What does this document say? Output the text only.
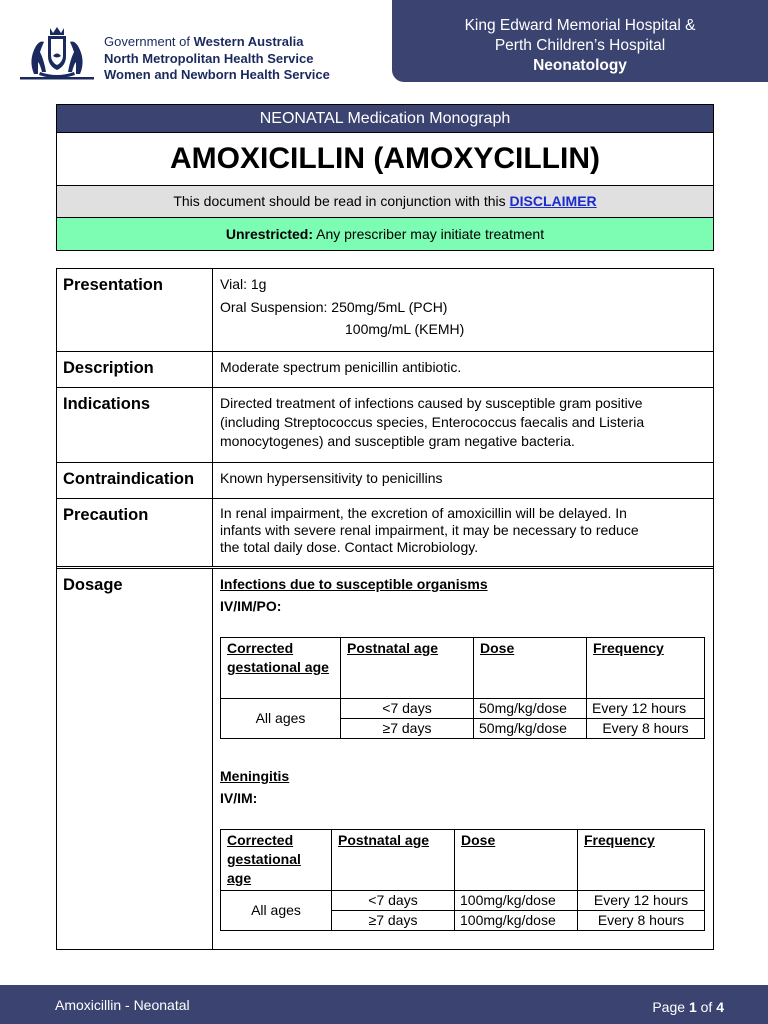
Government of Western Australia
North Metropolitan Health Service
Women and Newborn Health Service
King Edward Memorial Hospital &
Perth Children’s Hospital
Neonatology
NEONATAL Medication Monograph
AMOXICILLIN (AMOXYCILLIN)
This document should be read in conjunction with this DISCLAIMER
Unrestricted: Any prescriber may initiate treatment
Presentation	Vial: 1g
Oral Suspension: 250mg/5mL (PCH)
100mg/mL (KEMH)
Description	Moderate spectrum penicillin antibiotic.
Indications	Directed treatment of infections caused by susceptible gram positive
(including Streptococcus species, Enterococcus faecalis and Listeria
monocytogenes) and susceptible gram negative bacteria.
Contraindication	Known hypersensitivity to penicillins
Precaution	In renal impairment, the excretion of amoxicillin will be delayed. In
infants with severe renal impairment, it may be necessary to reduce
the total daily dose. Contact Microbiology.
Dosage	Infections due to susceptible organisms
IV/IM/PO:
Corrected gestational age	Postnatal age	Dose	Frequency
All ages	<7 days	50mg/kg/dose	Every 12 hours
	≥7 days	50mg/kg/dose	Every 8 hours
Meningitis
IV/IM:
Corrected gestational age	Postnatal age	Dose	Frequency
All ages	<7 days	100mg/kg/dose	Every 12 hours
	≥7 days	100mg/kg/dose	Every 8 hours
Amoxicillin - Neonatal	Page 1 of 4
